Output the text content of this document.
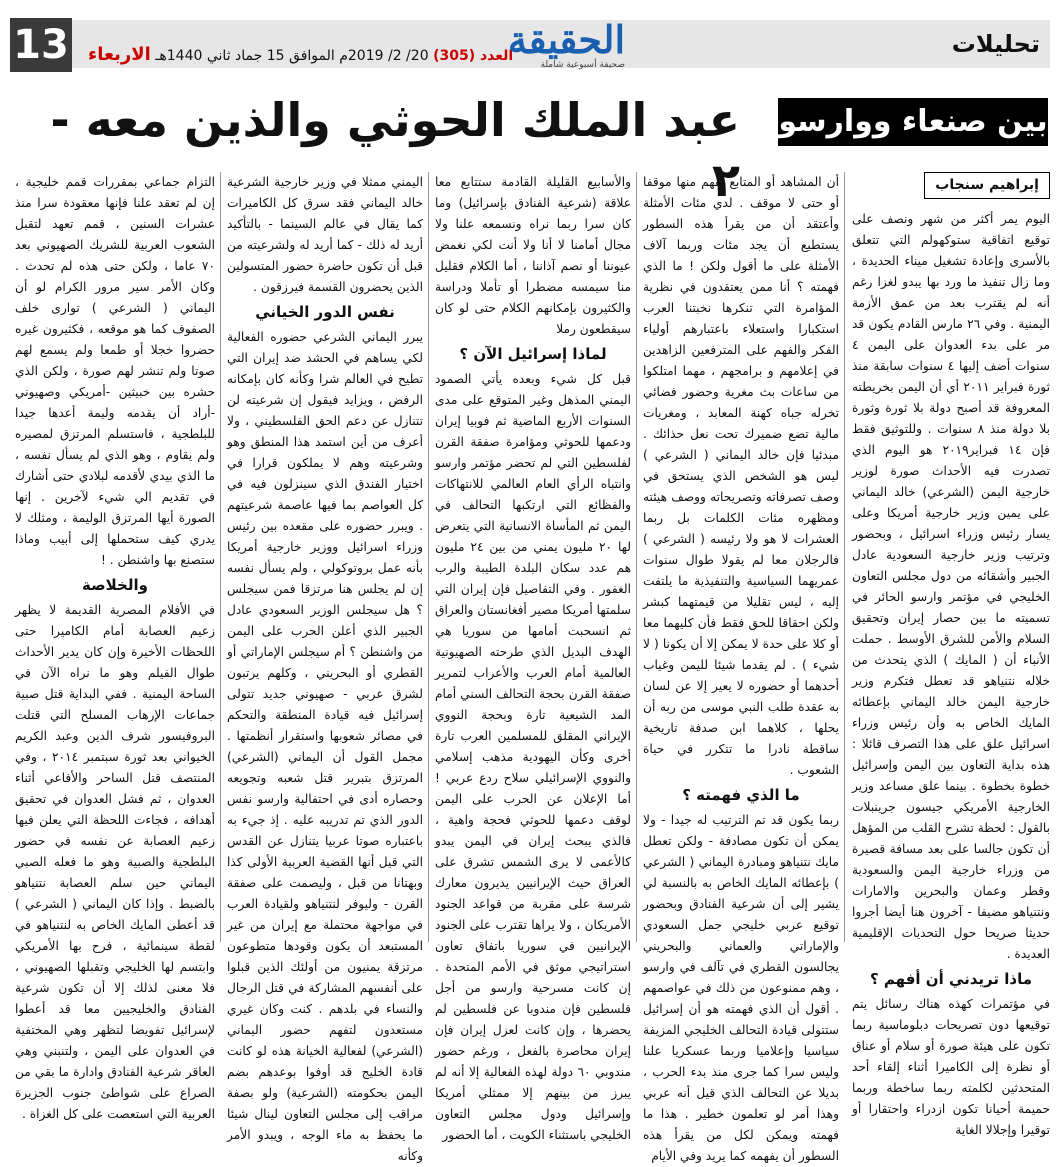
تحليلات
13	العدد (305) 20/ 2/ 2019م الموافق 15 جماد ثاني 1440هـ الاربعاء	الحقيقة
صحيفة أسبوعية شاملة
عبد الملك الحوثي والذين معه - ٢
بين صنعاء ووارسو
إبراهيم سنجاب

اليوم يمر أكثر من شهر ونصف على توقيع اتفاقية ستوكهولم التي تتعلق بالأسرى وإعادة تشغيل ميناء الحديدة ، وما زال تنفيذ ما ورد بها يبدو لغزا رغم أنه لم يقترب بعد من عمق الأزمة اليمنية . وفي ٢٦ مارس القادم يكون قد مر على بدء العدوان على اليمن ٤ سنوات أضف إليها ٤ سنوات سابقة منذ ثورة فبراير ٢٠١١ أي أن اليمن بخريطته المعروفة قد أصبح دولة بلا ثورة وثورة بلا دولة منذ ٨ سنوات . وللتوثيق فقط فإن ١٤ فبراير٢٠١٩ هو اليوم الذي تصدرت فيه الأحداث صورة لوزير خارجية اليمن (الشرعي) خالد اليماني على يمين وزير خارجية أمريكا وعلى يسار رئيس وزراء اسرائيل ، وبحضور وترتيب وزير خارجية السعودية عادل الجبير وأشقائه من دول مجلس التعاون الخليجي في مؤتمر وارسو الحائر في تسميته ما بين حصار إيران وتحقيق السلام والأمن للشرق الأوسط . حملت الأنباء أن ( المايك ) الذي يتحدث من خلاله نتنياهو قد تعطل فتكرم وزير خارجية اليمن خالد اليماني بإعطائه المايك الخاص به وأن رئيس وزراء اسرائيل علق على هذا التصرف قائلا : هذه بداية التعاون بين اليمن وإسرائيل خطوة بخطوة . بينما علق مساعد وزير الخارجية الأمريكي جيسون جرينبلات بالقول : لحظة تشرح القلب من المؤهل أن تكون جالسا على بعد مسافة قصيرة من وزراء خارجية اليمن والسعودية وقطر وعمان والبحرين والامارات ونتنياهو مضيفا - آخرون هنا أيضا أجروا حديثا صريحا حول التحديات الإقليمية العديدة .

ماذا تريدني أن أفهم ؟

في مؤتمرات كهذه هناك رسائل يتم توقيعها دون تصريحات دبلوماسية ربما تكون على هيئة صورة أو سلام أو عناق أو نظرة إلى الكاميرا أثناء إلقاء أحد المتحدثين لكلمته ربما ساخطة وربما حميمة أحيانا تكون ازدراء واحتقارا أو توقيرا وإجلالا الغاية

أن المشاهد أو المتابع يفهم منها موقفا أو حتى لا موقف . لدي مئات الأمثلة وأعتقد أن من يقرأ هذه السطور يستطيع أن يجد مئات وربما آلاف الأمثلة على ما أقول ولكن ! ما الذي فهمته ؟ أنا ممن يعتقدون في نظرية المؤامرة التي تنكرها نخبتنا العرب استكبارا واستعلاء باعتبارهم أولياء الفكر والفهم على المترفعين الزاهدين في إعلامهم و برامجهم ، مهما امتلكوا من ساعات بث مغرية وحضور فضائي تخرله جباه كهنة المعابد ، ومغريات مالية تضع ضميرك تحت نعل حذائك . مبدئيا فإن خالد اليماني ( الشرعي ) ليس هو الشخص الذي يستحق في وصف تصرفاته وتصريحاته ووصف هيئته ومظهره مئات الكلمات بل ربما العشرات لا هو ولا رئيسه ( الشرعي ) فالرجلان معا لم يقولا طوال سنوات عمريهما السياسية والتنفيذية ما يلتفت إليه ، ليس تقليلا من قيمتهما كبشر ولكن احقاقا للحق فقط فأن كليهما معا أو كلا على حدة لا يمكن إلا أن يكونا ( لا شيء ) . لم يقدما شيئا لليمن وغياب أحدهما أو حضوره لا يعير إلا عن لسان به عقدة طلب النبي موسى من ربه أن يحلها ، كلاهما ابن صدفة تاريخية ساقطة نادرا ما تتكرر في حياة الشعوب .

ما الذي فهمته ؟

ربما يكون قد تم الترتيب له جيدا - ولا يمكن أن تكون مصادفة - ولكن تعطل مايك نتنياهو ومبادرة اليماني ( الشرعي ) بإعطائه المايك الخاص به بالنسبة لي يشير إلى أن شرعية الفنادق وبحضور توقيع عربي خليجي جمل السعودي والإماراتي والعماني والبحريني يجالسون القطري في تآلف في وارسو ، وهم ممنوعون من ذلك في عواصمهم . أقول أن الذي فهمته هو أن إسرائيل ستتولى قيادة التحالف الخليجي المزيفة سياسيا وإعلاميا وربما عسكريا علنا وليس سرا كما جرى منذ بدء الحرب ، بديلا عن التحالف الذي قيل أنه عربي وهذا أمر لو تعلمون خطير . هذا ما فهمته ويمكن لكل من يقرأ هذه السطور أن يفهمه كما يريد وفي الأيام

والأسابيع القليلة القادمة ستتابع معا علاقة (شرعية الفنادق بإسرائيل) وما كان سرا ربما نراه ونسمعه علنا ولا مجال أمامنا لا أنا ولا أنت لكي نغمض عيوننا أو نصم آذاننا ، أما الكلام فقليل منا سيمسه مضطرا أو تأملا ودراسة والكثيرون بإمكانهم الكلام حتى لو كان سيقطعون رملا

لماذا إسرائيل الآن ؟

قبل كل شيء وبعده يأتي الصمود اليمني المذهل وغير المتوقع على مدى السنوات الأربع الماضية ثم فوبيا إيران ودعمها للحوثي ومؤامرة صفقة القرن لفلسطين التي لم تحضر مؤتمر وارسو وانتباه الرأي العام العالمي للانتهاكات والفظائع التي ارتكبها التحالف في اليمن ثم المأساة الانسانية التي يتعرض لها ٢٠ مليون يمني من بين ٢٤ مليون هم عدد سكان البلدة الطيبة والرب الغفور . وفي التفاصيل فإن إيران التي سلمتها أمريكا مصير أفغانستان والعراق ثم انسحبت أمامها من سوريا هي الهدف البديل الذي طرحته الصهيونية العالمية أمام العرب والأعراب لتمرير صفقة القرن بحجة التحالف السني أمام المد الشيعية تارة وبحجة النووي الإيراني المقلق للمسلمين العرب تارة أخرى وكأن اليهودية مذهب إسلامي والنووي الإسرائيلي سلاح ردع عربي ! أما الإعلان عن الحرب على اليمن لوقف دعمها للحوثي فحجة واهية ، فالذي يبحث إيران في اليمن يبدو كالأعمى لا يرى الشمس تشرق على العراق حيث الإيرانيين يديرون معارك شرسة على مقربة من قواعد الجنود الأمريكان ، ولا يراها تقترب على الجنود الإيرانيين في سوريا باتفاق تعاون استراتيجي موثق في الأمم المتحدة . إن كانت مسرحية وارسو من أجل فلسطين فإن مندوبا عن فلسطين لم يحضرها ، وإن كانت لعزل إيران فإن إيران محاصرة بالفعل ، ورغم حضور مندوبي ٦٠ دولة لهذه الفعالية إلا أنه لم يبرز من بينهم إلا ممثلي أمريكا وإسرائيل ودول مجلس التعاون الخليجي باستثناء الكويت ، أما الحضور

اليمني ممثلا في وزير خارجية الشرعية خالد اليماني فقد سرق كل الكاميرات كما يقال في عالم السينما - بالتأكيد أريد له ذلك - كما أريد له ولشرعيته من قبل أن تكون حاضرة حضور المتسولين الذين يحضرون القسمة فيرزقون .

نفس الدور الخياني

يبرر اليماني الشرعي حضوره الفعالية لكي يساهم في الحشد ضد إيران التي تطيح في العالم شرا وكأنه كان بإمكانه الرفض ، ويزايد فيقول إن شرعيته لن تتنازل عن دعم الحق الفلسطيني ، ولا أعرف من أين استمد هذا المنطق وهو وشرعيته وهم لا يملكون قرارا في اختيار الفندق الذي سينزلون فيه في كل العواصم بما فيها عاصمة شرعيتهم . ويبرر حضوره على مقعده بين رئيس وزراء اسرائيل ووزير خارجية أمريكا بأنه عمل بروتوكولي ، ولم يسأل نفسه إن لم يجلس هنا مرتزقا فمن سيجلس ؟ هل سيجلس الوزير السعودي عادل الجبير الذي أعلن الحرب على اليمن من واشنطن ؟ أم سيجلس الإماراتي أو القطري أو البحريني ، وكلهم يرتبون لشرق عربي - صهيوني جديد تتولى إسرائيل فيه قيادة المنطقة والتحكم في مصائر شعوبها واستقرار أنظمتها . مجمل القول أن اليماني (الشرعي) المرتزق بتبرير قتل شعبه وتجويعه وحصاره أدى في احتفالية وارسو نفس الدور الذي تم تدريبه عليه . إذ جيء به باعتباره صوتا عربيا يتنازل عن القدس التي قيل أنها القضية العربية الأولى كذا وبهتانا من قبل ، وليصمت على صفقة القرن - وليوفر لنتنياهو ولقيادة العرب في مواجهة محتملة مع إيران من غير المستبعد أن يكون وقودها متطوعون مرتزقة يمنيون من أولئك الذين قبلوا على أنفسهم المشاركة في قتل الرجال والنساء في بلدهم . كنت وكان غيري مستعدون لتفهم حضور اليماني (الشرعي) لفعالية الخيانة هذه لو كانت قادة الخليج قد أوفوا بوعدهم بضم اليمن بحكومته (الشرعية) ولو بصفة مراقب إلى مجلس التعاون لينال شيئا ما يحفظ به ماء الوجه ، ويبدو الأمر وكأنه

التزام جماعي بمقررات قمم خليجية ، إن لم تعقد علنا فإنها معقودة سرا منذ عشرات السنين ، قمم تعهد لتقبل الشعوب العربية للشريك الصهيوني بعد ٧٠ عاما ، ولكن حتى هذه لم تحدث . وكان الأمر سير مرور الكرام لو أن اليماني ( الشرعي ) توارى خلف الصفوف كما هو موقعه ، فكثيرون غيره حضروا خجلا أو طمعا ولم يسمع لهم صوتا ولم تنشر لهم صورة ، ولكن الذي حشره بين خبيثين -أمريكي وصهيوني -أراد أن يقدمه وليمة أعدها جيدا للبلطجية ، فاستسلم المرتزق لمصيره ولم يقاوم ، وهو الذي لم يسأل نفسه ، ما الذي بيدي لأقدمه لبلادي حتى أشارك في تقديم الي شيء لآخرين . إنها الصورة أيها المرتزق الوليمة ، ومثلك لا يدري كيف ستحملها إلى أبيب وماذا ستصنع بها واشنطن . !

والخلاصة

في الأفلام المصرية القديمة لا يظهر زعيم العصابة أمام الكاميرا حتى اللحظات الأخيرة وإن كان يدير الأحداث طوال الفيلم وهو ما نراه الآن في الساحة اليمنية . ففي البداية قتل صبية جماعات الإرهاب المسلح التي قتلت البروفيسور شرف الدين وعبد الكريم الخيواني بعد ثورة سبتمبر ٢٠١٤ ، وفي المنتصف قتل الساحر والأفاعي أثناء العدوان ، ثم فشل العدوان في تحقيق أهدافه ، فجاءت اللحظة التي يعلن فيها زعيم العصابة عن نفسه في حضور البلطجية والصبية وهو ما فعله الصبي اليماني حين سلم العصابة نتنياهو بالضبط . وإذا كان اليماني ( الشرعي ) قد أعطى المايك الخاص به لنتنياهو في لقطة سينمائية ، فرح بها الأمريكي وابتسم لها الخليجي وتقبلها الصهيوني ، فلا معنى لذلك إلا أن تكون شرعية الفنادق والخليجيين معا قد أعطوا لإسرائيل تفويضا لتظهر وهي المختفية في العدوان على اليمن ، ولتنبني وهي العاقر شرعية الفنادق وادارة ما بقي من الصراع على شواطئ جنوب الجزيرة العربية التي استعصت على كل الغزاة .
